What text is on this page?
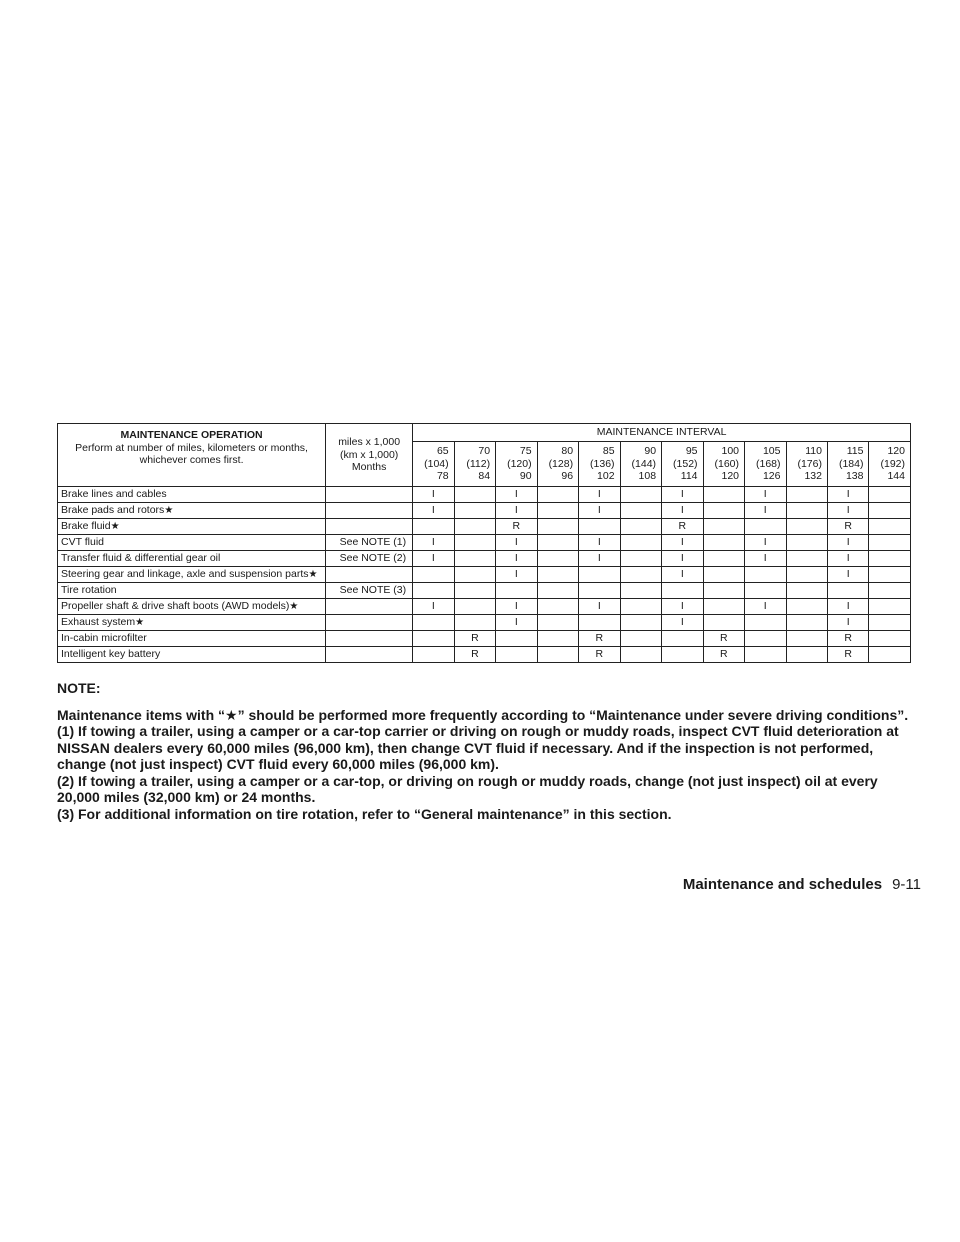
MAINTENANCE OPERATION
Perform at number of miles, kilometers or months, whichever comes first.	miles x 1,000
(km x 1,000)
Months	MAINTENANCE INTERVAL											
		65
(104)
78	70
(112)
84	75
(120)
90	80
(128)
96	85
(136)
102	90
(144)
108	95
(152)
114	100
(160)
120	105
(168)
126	110
(176)
132	115
(184)
138	120
(192)
144
Brake lines and cables		I		I		I		I		I		I	
Brake pads and rotors★		I		I		I		I		I		I	
Brake fluid★				R				R				R	
CVT fluid	See NOTE (1)	I		I		I		I		I		I	
Transfer fluid & differential gear oil	See NOTE (2)	I		I		I		I		I		I	
Steering gear and linkage, axle and suspension parts★				I				I				I	
Tire rotation	See NOTE (3)												
Propeller shaft & drive shaft boots (AWD models)★		I		I		I		I		I		I	
Exhaust system★				I				I				I	
In-cabin microfilter			R			R			R			R	
Intelligent key battery			R			R			R			R	

NOTE:

Maintenance items with “★” should be performed more frequently according to “Maintenance under severe driving conditions”.

(1) If towing a trailer, using a camper or a car-top carrier or driving on rough or muddy roads, inspect CVT fluid deterioration at NISSAN dealers every 60,000 miles (96,000 km), then change CVT fluid if necessary. And if the inspection is not performed, change (not just inspect) CVT fluid every 60,000 miles (96,000 km).

(2) If towing a trailer, using a camper or a car-top, or driving on rough or muddy roads, change (not just inspect) oil at every 20,000 miles (32,000 km) or 24 months.

(3) For additional information on tire rotation, refer to “General maintenance” in this section.

Maintenance and schedules 9-11
